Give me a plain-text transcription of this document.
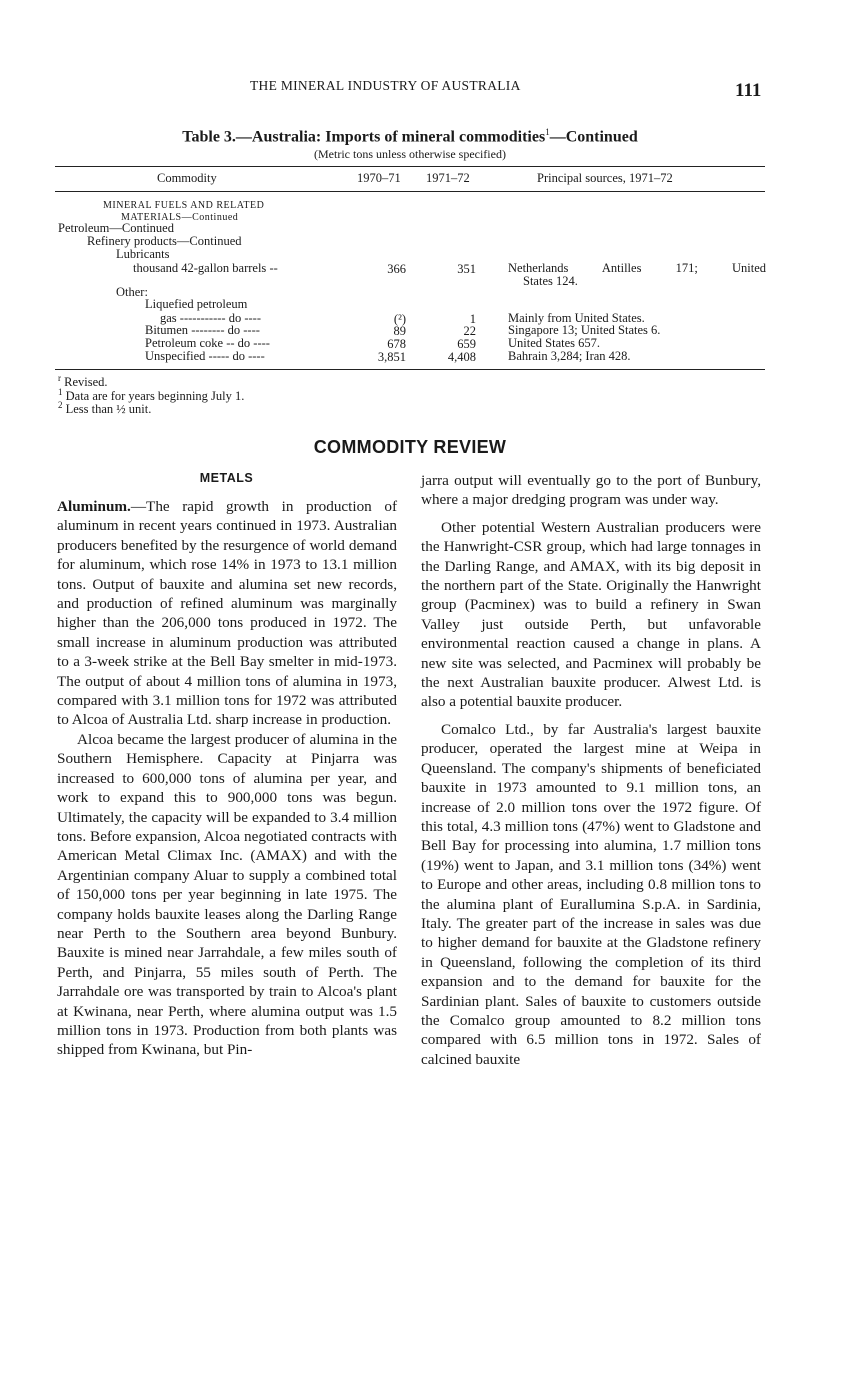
THE MINERAL INDUSTRY OF AUSTRALIA	111
Table 3.—Australia: Imports of mineral commodities$^1$—Continued
(Metric tons unless otherwise specified)
Commodity	1970–71 1971–72	Principal sources, 1971–72
MINERAL FUELS AND RELATED
MATERIALS—Continued
Petroleum—Continued
Refinery products—Continued
Lubricants
thousand 42-gallon barrels --	366	351	Netherlands Antilles 171; United
States 124.
Other:
Liquefied petroleum
gas ----------- do ----	(²)	1	Mainly from United States.
Bitumen -------- do ----	89	22	Singapore 13; United States 6.
Petroleum coke -- do ----	678	659	United States 657.
Unspecified ----- do ----	3,851	4,408	Bahrain 3,284; Iran 428.
$^r$ Revised.
$^1$ Data are for years beginning July 1.
$^2$ Less than ½ unit.
COMMODITY REVIEW
METALS

Aluminum.—The rapid growth in production of aluminum in recent years continued in 1973. Australian producers benefited by the resurgence of world demand for aluminum, which rose 14% in 1973 to 13.1 million tons. Output of bauxite and alumina set new records, and production of refined aluminum was marginally higher than the 206,000 tons produced in 1972. The small increase in aluminum production was attributed to a 3-week strike at the Bell Bay smelter in mid-1973. The output of about 4 million tons of alumina in 1973, compared with 3.1 million tons for 1972 was attributed to Alcoa of Australia Ltd. sharp increase in production.

Alcoa became the largest producer of alumina in the Southern Hemisphere. Capacity at Pinjarra was increased to 600,000 tons of alumina per year, and work to expand this to 900,000 tons was begun. Ultimately, the capacity will be expanded to 3.4 million tons. Before expansion, Alcoa negotiated contracts with American Metal Climax Inc. (AMAX) and with the Argentinian company Aluar to supply a combined total of 150,000 tons per year beginning in late 1975. The company holds bauxite leases along the Darling Range near Perth to the Southern area beyond Bunbury. Bauxite is mined near Jarrahdale, a few miles south of Perth, and Pinjarra, 55 miles south of Perth. The Jarrahdale ore was transported by train to Alcoa's plant at Kwinana, near Perth, where alumina output was 1.5 million tons in 1973. Production from both plants was shipped from Kwinana, but Pin-

jarra output will eventually go to the port of Bunbury, where a major dredging program was under way.

Other potential Western Australian producers were the Hanwright-CSR group, which had large tonnages in the Darling Range, and AMAX, with its big deposit in the northern part of the State. Originally the Hanwright group (Pacminex) was to build a refinery in Swan Valley just outside Perth, but unfavorable environmental reaction caused a change in plans. A new site was selected, and Pacminex will probably be the next Australian bauxite producer. Alwest Ltd. is also a potential bauxite producer.

Comalco Ltd., by far Australia's largest bauxite producer, operated the largest mine at Weipa in Queensland. The company's shipments of beneficiated bauxite in 1973 amounted to 9.1 million tons, an increase of 2.0 million tons over the 1972 figure. Of this total, 4.3 million tons (47%) went to Gladstone and Bell Bay for processing into alumina, 1.7 million tons (19%) went to Japan, and 3.1 million tons (34%) went to Europe and other areas, including 0.8 million tons to the alumina plant of Eurallumina S.p.A. in Sardinia, Italy. The greater part of the increase in sales was due to higher demand for bauxite at the Gladstone refinery in Queensland, following the completion of its third expansion and to the demand for bauxite for the Sardinian plant. Sales of bauxite to customers outside the Comalco group amounted to 8.2 million tons compared with 6.5 million tons in 1972. Sales of calcined bauxite
